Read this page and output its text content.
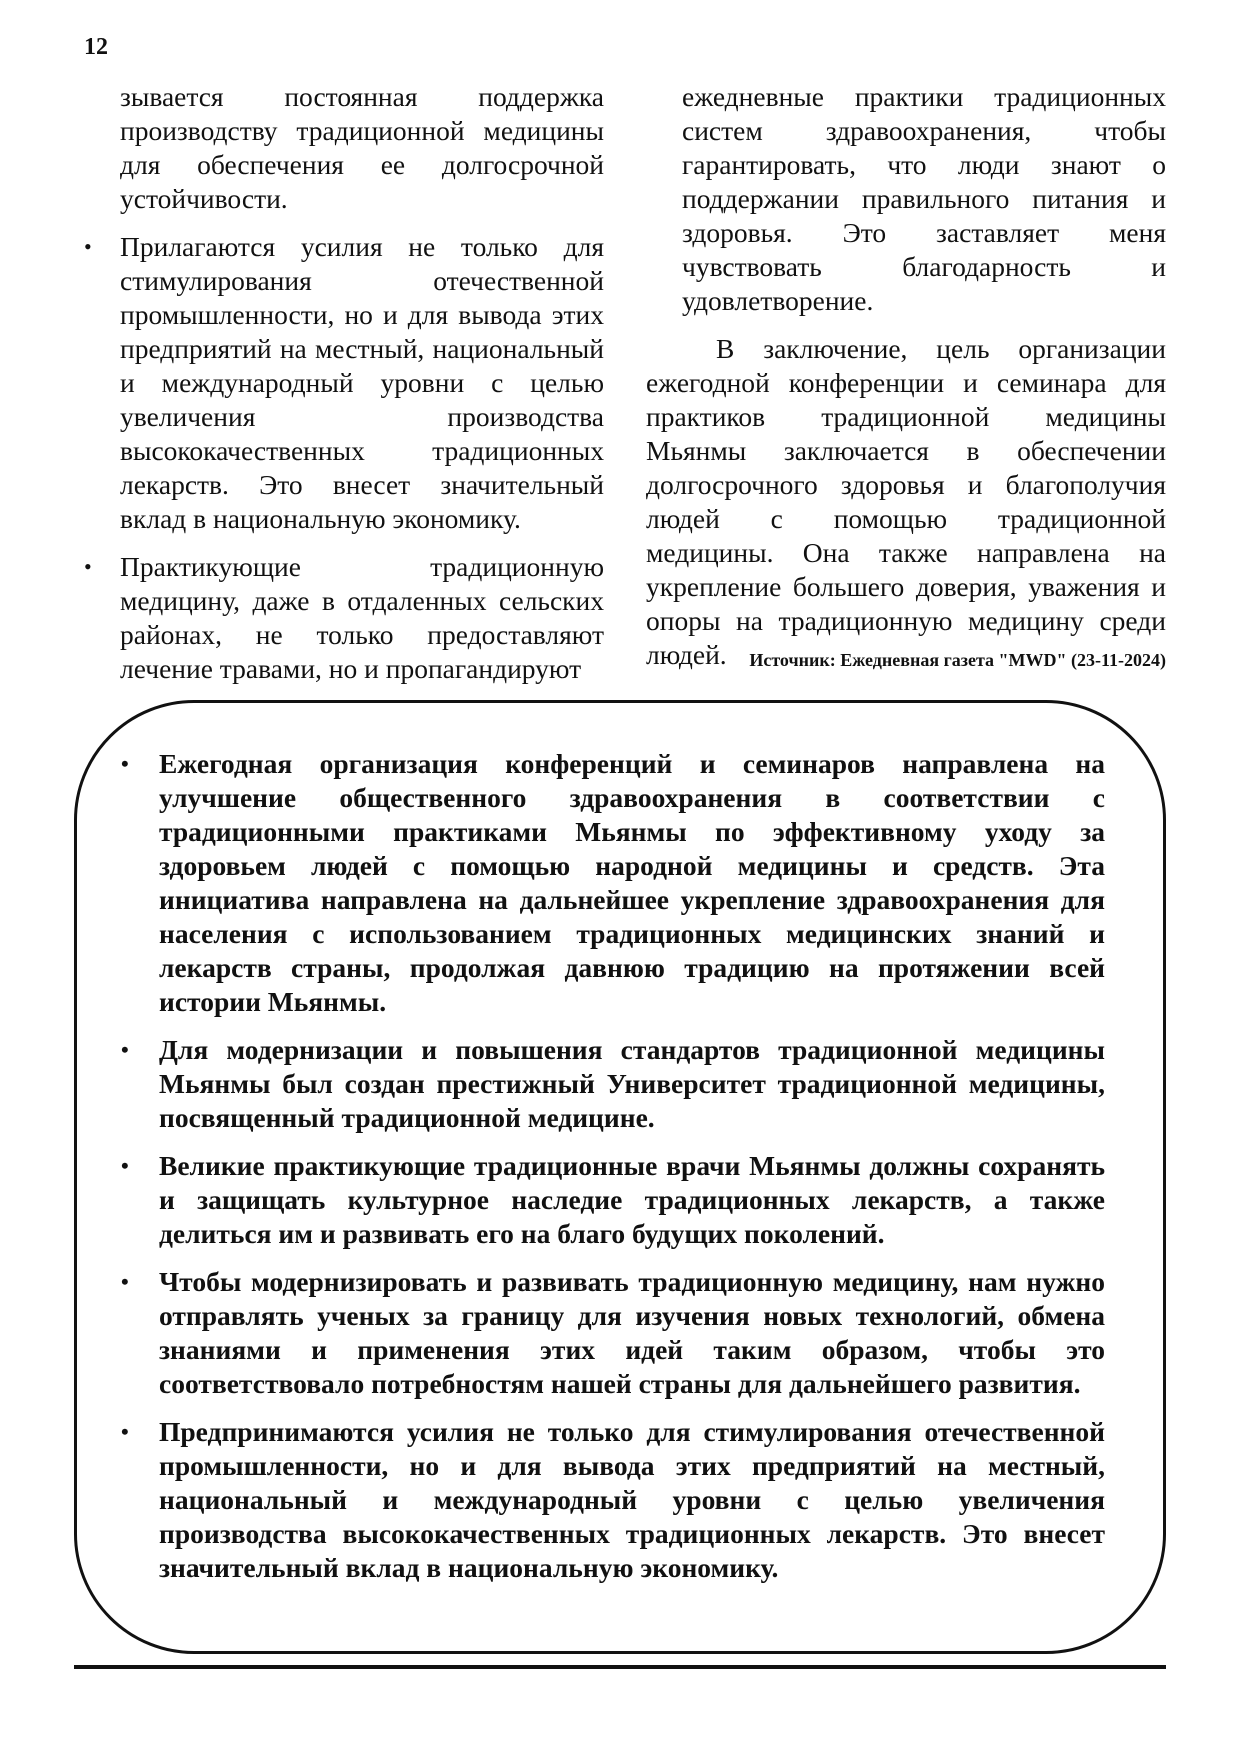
12

зывается постоянная поддержка производству традиционной медицины для обеспечения ее долгосрочной устойчивости.

• Прилагаются усилия не только для стимулирования отечественной промышленности, но и для вывода этих предприятий на местный, национальный и международный уровни с целью увеличения производства высококачественных традиционных лекарств. Это внесет значительный вклад в национальную экономику.
• Практикующие традиционную медицину, даже в отдаленных сельских районах, не только предоставляют лечение травами, но и пропагандируют

ежедневные практики традиционных систем здравоохранения, чтобы гарантировать, что люди знают о поддержании правильного питания и здоровья. Это заставляет меня чувствовать благодарность и удовлетворение.

В заключение, цель организации ежегодной конференции и семинара для практиков традиционной медицины Мьянмы заключается в обеспечении долгосрочного здоровья и благополучия людей с помощью традиционной медицины. Она также направлена на укрепление большего доверия, уважения и опоры на традиционную медицину среди людей.	Источник: Ежедневная газета "MWD" (23-11-2024)
• Ежегодная организация конференций и семинаров направлена на улучшение общественного здравоохранения в соответствии с традиционными практиками Мьянмы по эффективному уходу за здоровьем людей с помощью народной медицины и средств. Эта инициатива направлена на дальнейшее укрепление здравоохранения для населения с использованием традиционных медицинских знаний и лекарств страны, продолжая давнюю традицию на протяжении всей истории Мьянмы.
• Для модернизации и повышения стандартов традиционной медицины Мьянмы был создан престижный Университет традиционной медицины, посвященный традиционной медицине.
• Великие практикующие традиционные врачи Мьянмы должны сохранять и защищать культурное наследие традиционных лекарств, а также делиться им и развивать его на благо будущих поколений.
• Чтобы модернизировать и развивать традиционную медицину, нам нужно отправлять ученых за границу для изучения новых технологий, обмена знаниями и применения этих идей таким образом, чтобы это соответствовало потребностям нашей страны для дальнейшего развития.
• Предпринимаются усилия не только для стимулирования отечественной промышленности, но и для вывода этих предприятий на местный, национальный и международный уровни с целью увеличения производства высококачественных традиционных лекарств. Это внесет значительный вклад в национальную экономику.
